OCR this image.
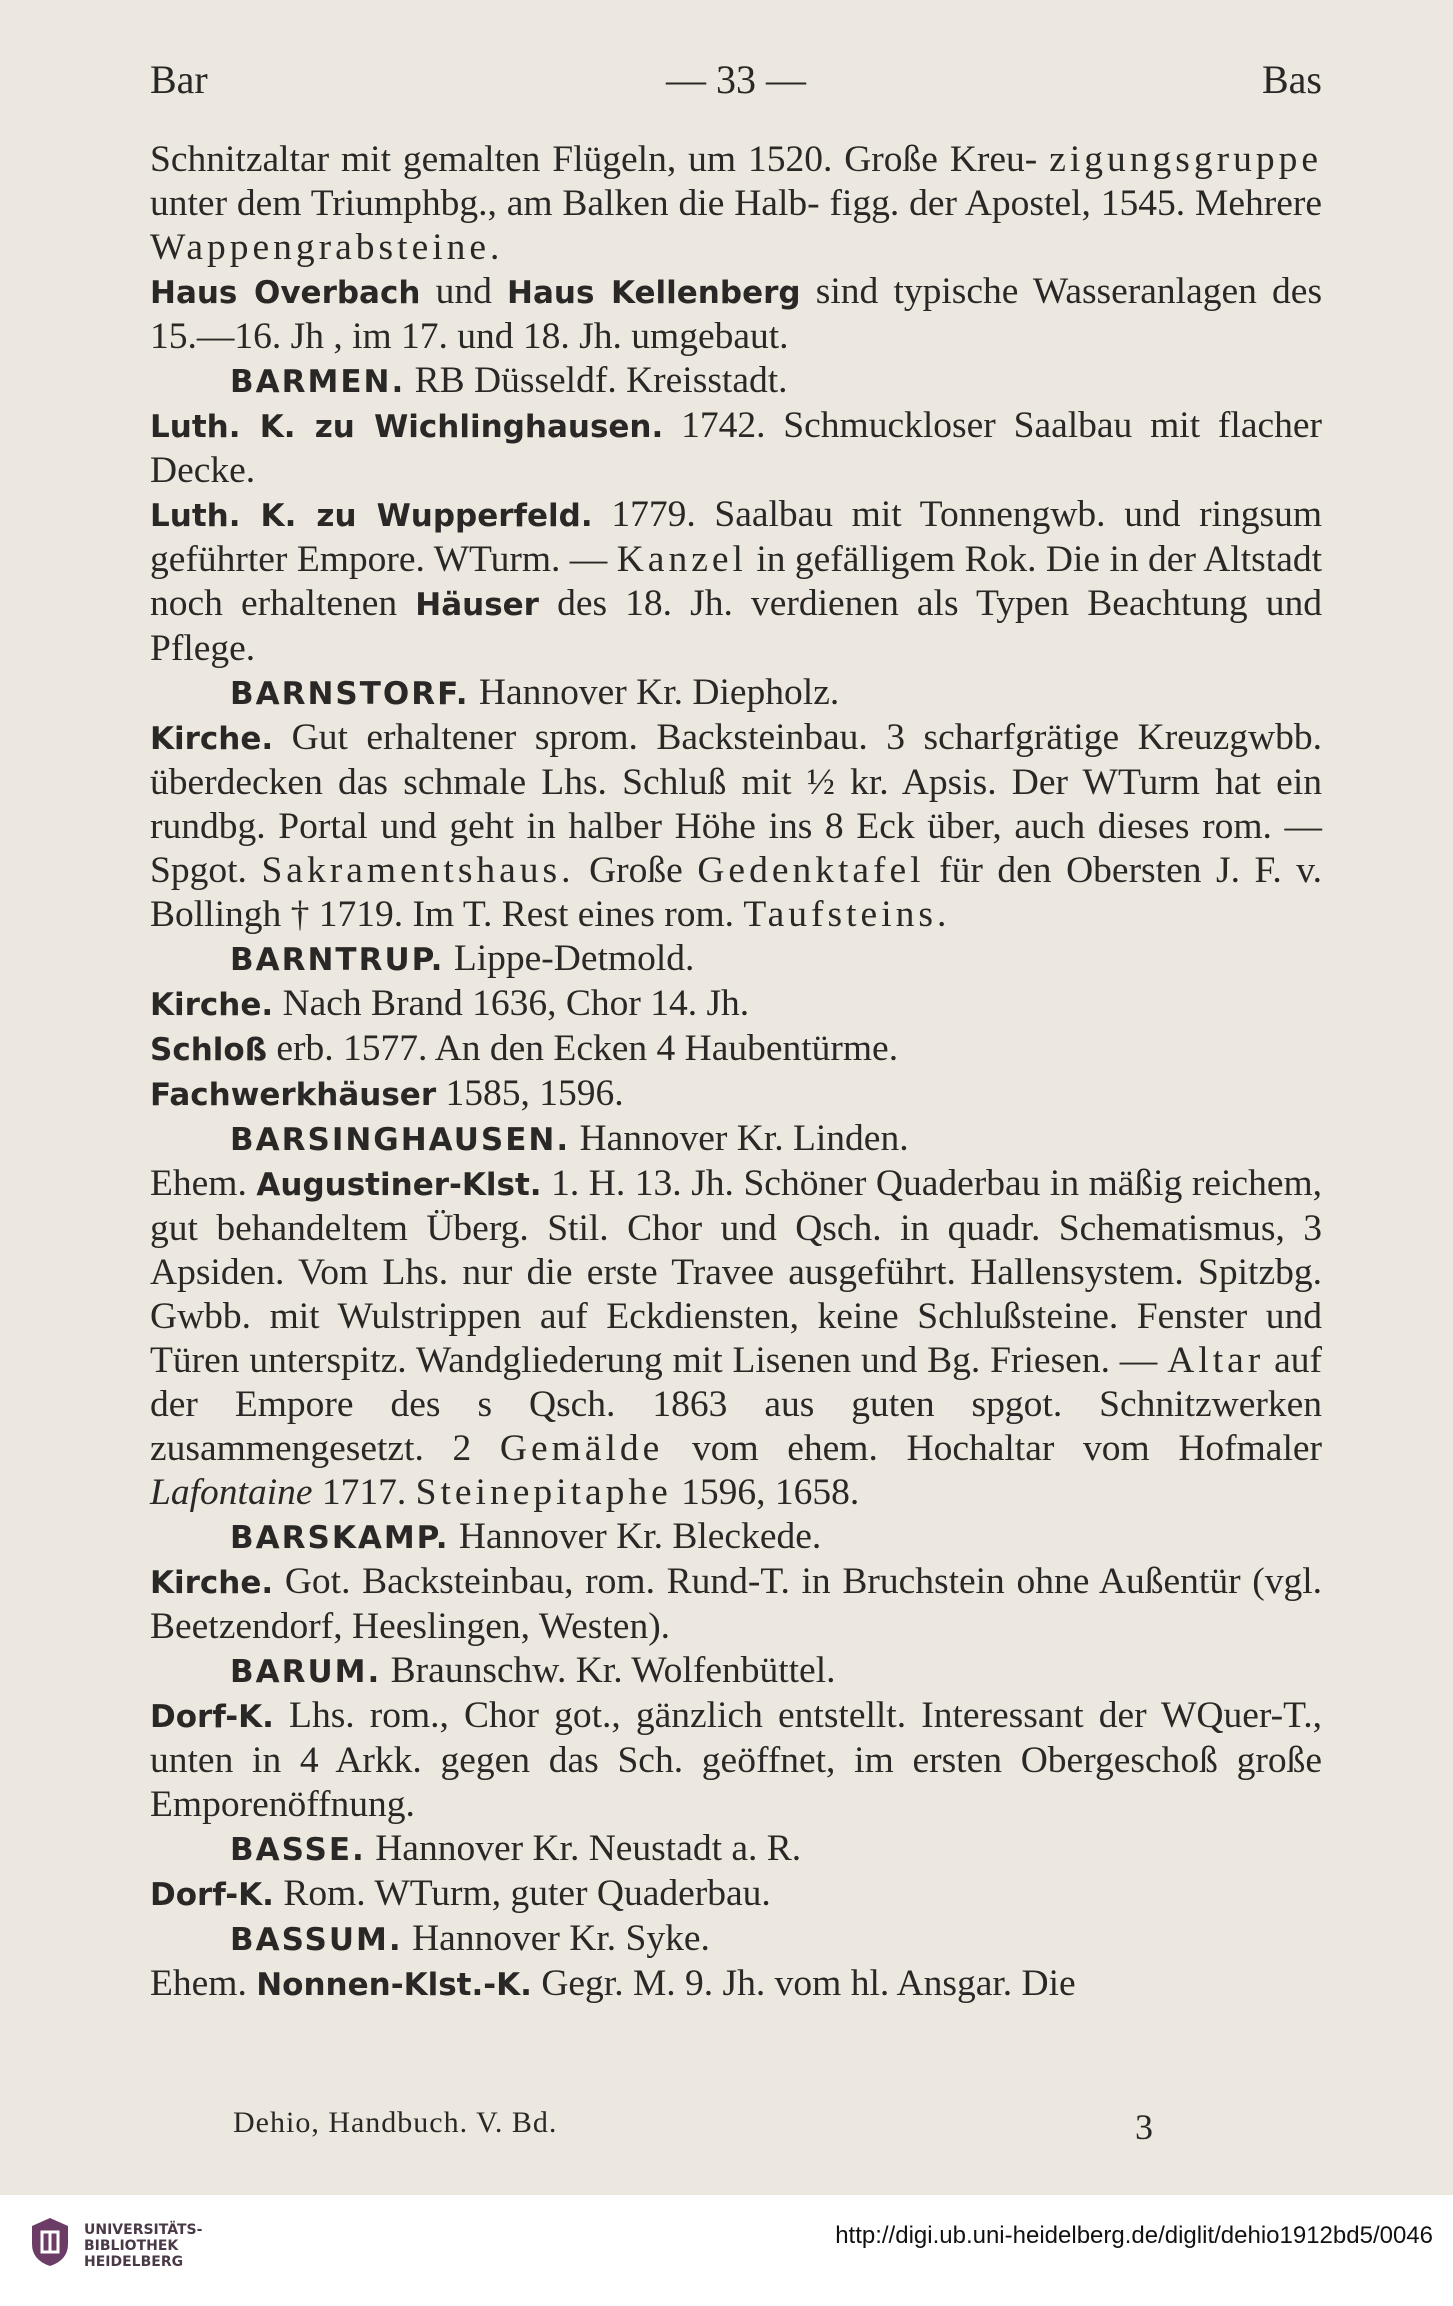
Bar	— 33 —	Bas

Schnitzaltar mit gemalten Flügeln, um 1520. Große Kreu- zigungsgruppe unter dem Triumphbg., am Balken die Halb- figg. der Apostel, 1545. Mehrere Wappengrabsteine.

Haus Overbach und Haus Kellenberg sind typische Wasseranlagen des 15.—16. Jh , im 17. und 18. Jh. umgebaut.

BARMEN. RB Düsseldf. Kreisstadt.

Luth. K. zu Wichlinghausen. 1742. Schmuckloser Saalbau mit flacher Decke.

Luth. K. zu Wupperfeld. 1779. Saalbau mit Tonnengwb. und ringsum geführter Empore. WTurm. — Kanzel in gefälligem Rok. Die in der Altstadt noch erhaltenen Häuser des 18. Jh. verdienen als Typen Beachtung und Pflege.

BARNSTORF. Hannover Kr. Diepholz.

Kirche. Gut erhaltener sprom. Backsteinbau. 3 scharfgrätige Kreuzgwbb. überdecken das schmale Lhs. Schluß mit ½ kr. Apsis. Der WTurm hat ein rundbg. Portal und geht in halber Höhe ins 8 Eck über, auch dieses rom. — Spgot. Sakramentshaus. Große Gedenktafel für den Obersten J. F. v. Bollingh † 1719. Im T. Rest eines rom. Taufsteins.

BARNTRUP. Lippe-Detmold.

Kirche. Nach Brand 1636, Chor 14. Jh.

Schloß erb. 1577. An den Ecken 4 Haubentürme.

Fachwerkhäuser 1585, 1596.

BARSINGHAUSEN. Hannover Kr. Linden.

Ehem. Augustiner-Klst. 1. H. 13. Jh. Schöner Quaderbau in mäßig reichem, gut behandeltem Überg. Stil. Chor und Qsch. in quadr. Schematismus, 3 Apsiden. Vom Lhs. nur die erste Travee ausgeführt. Hallensystem. Spitzbg. Gwbb. mit Wulstrippen auf Eckdiensten, keine Schlußsteine. Fenster und Türen unterspitz. Wandgliederung mit Lisenen und Bg. Friesen. — Altar auf der Empore des s Qsch. 1863 aus guten spgot. Schnitzwerken zusammengesetzt. 2 Gemälde vom ehem. Hochaltar vom Hofmaler Lafontaine 1717. Steinepitaphe 1596, 1658.

BARSKAMP. Hannover Kr. Bleckede.

Kirche. Got. Backsteinbau, rom. Rund-T. in Bruchstein ohne Außentür (vgl. Beetzendorf, Heeslingen, Westen).

BARUM. Braunschw. Kr. Wolfenbüttel.

Dorf-K. Lhs. rom., Chor got., gänzlich entstellt. Interessant der WQuer-T., unten in 4 Arkk. gegen das Sch. geöffnet, im ersten Obergeschoß große Emporenöffnung.

BASSE. Hannover Kr. Neustadt a. R.

Dorf-K. Rom. WTurm, guter Quaderbau.

BASSUM. Hannover Kr. Syke.

Ehem. Nonnen-Klst.-K. Gegr. M. 9. Jh. vom hl. Ansgar. Die

Dehio, Handbuch. V. Bd.	3
UNIVERSITÄTS-
BIBLIOTHEK
HEIDELBERG
http://digi.ub.uni-heidelberg.de/diglit/dehio1912bd5/0046
